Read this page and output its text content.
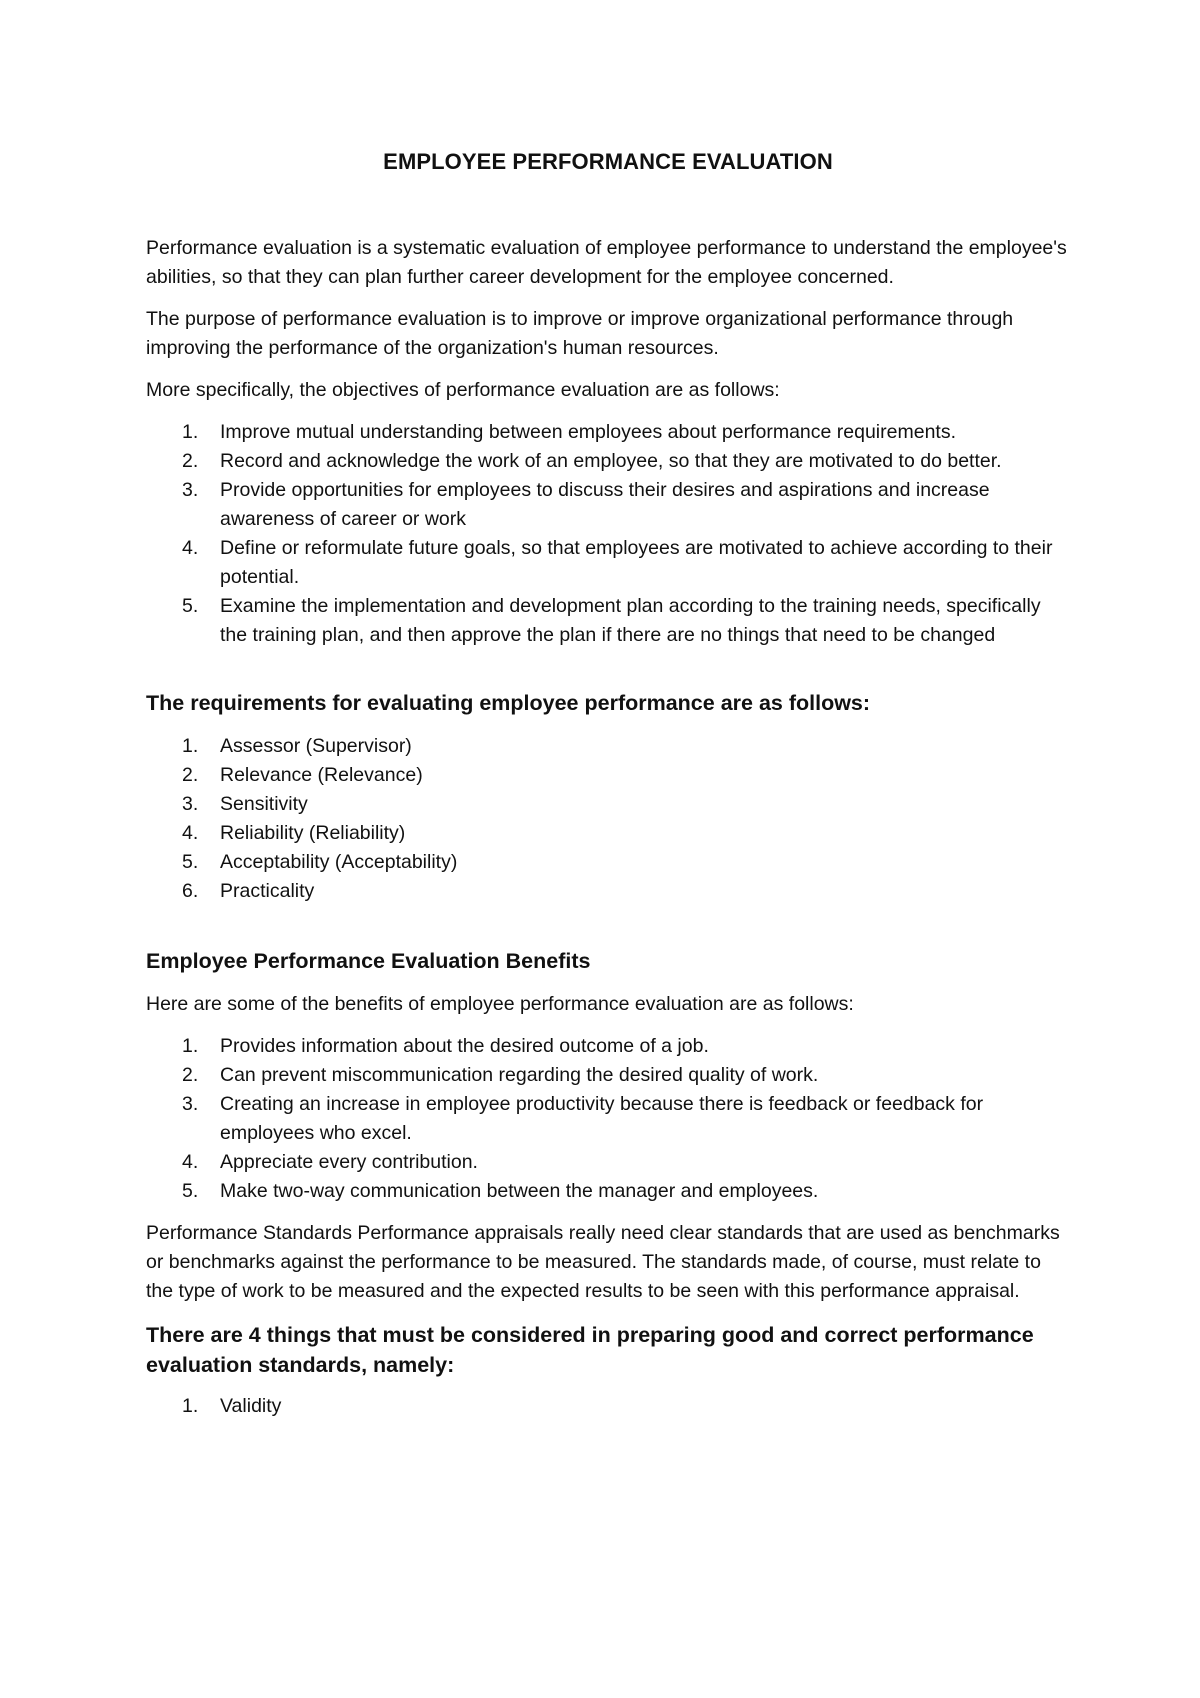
EMPLOYEE PERFORMANCE EVALUATION

Performance evaluation is a systematic evaluation of employee performance to understand the employee's abilities, so that they can plan further career development for the employee concerned.

The purpose of performance evaluation is to improve or improve organizational performance through improving the performance of the organization's human resources.

More specifically, the objectives of performance evaluation are as follows:

1.	Improve mutual understanding between employees about performance requirements.
2.	Record and acknowledge the work of an employee, so that they are motivated to do better.
3.	Provide opportunities for employees to discuss their desires and aspirations and increase awareness of career or work
4.	Define or reformulate future goals, so that employees are motivated to achieve according to their potential.
5.	Examine the implementation and development plan according to the training needs, specifically the training plan, and then approve the plan if there are no things that need to be changed
The requirements for evaluating employee performance are as follows:
1.	Assessor (Supervisor)
2.	Relevance (Relevance)
3.	Sensitivity
4.	Reliability (Reliability)
5.	Acceptability (Acceptability)
6.	Practicality
Employee Performance Evaluation Benefits

Here are some of the benefits of employee performance evaluation are as follows:

1.	Provides information about the desired outcome of a job.
2.	Can prevent miscommunication regarding the desired quality of work.
3.	Creating an increase in employee productivity because there is feedback or feedback for employees who excel.
4.	Appreciate every contribution.
5.	Make two-way communication between the manager and employees.

Performance Standards Performance appraisals really need clear standards that are used as benchmarks or benchmarks against the performance to be measured. The standards made, of course, must relate to the type of work to be measured and the expected results to be seen with this performance appraisal.

There are 4 things that must be considered in preparing good and correct performance evaluation standards, namely:
1.	Validity
